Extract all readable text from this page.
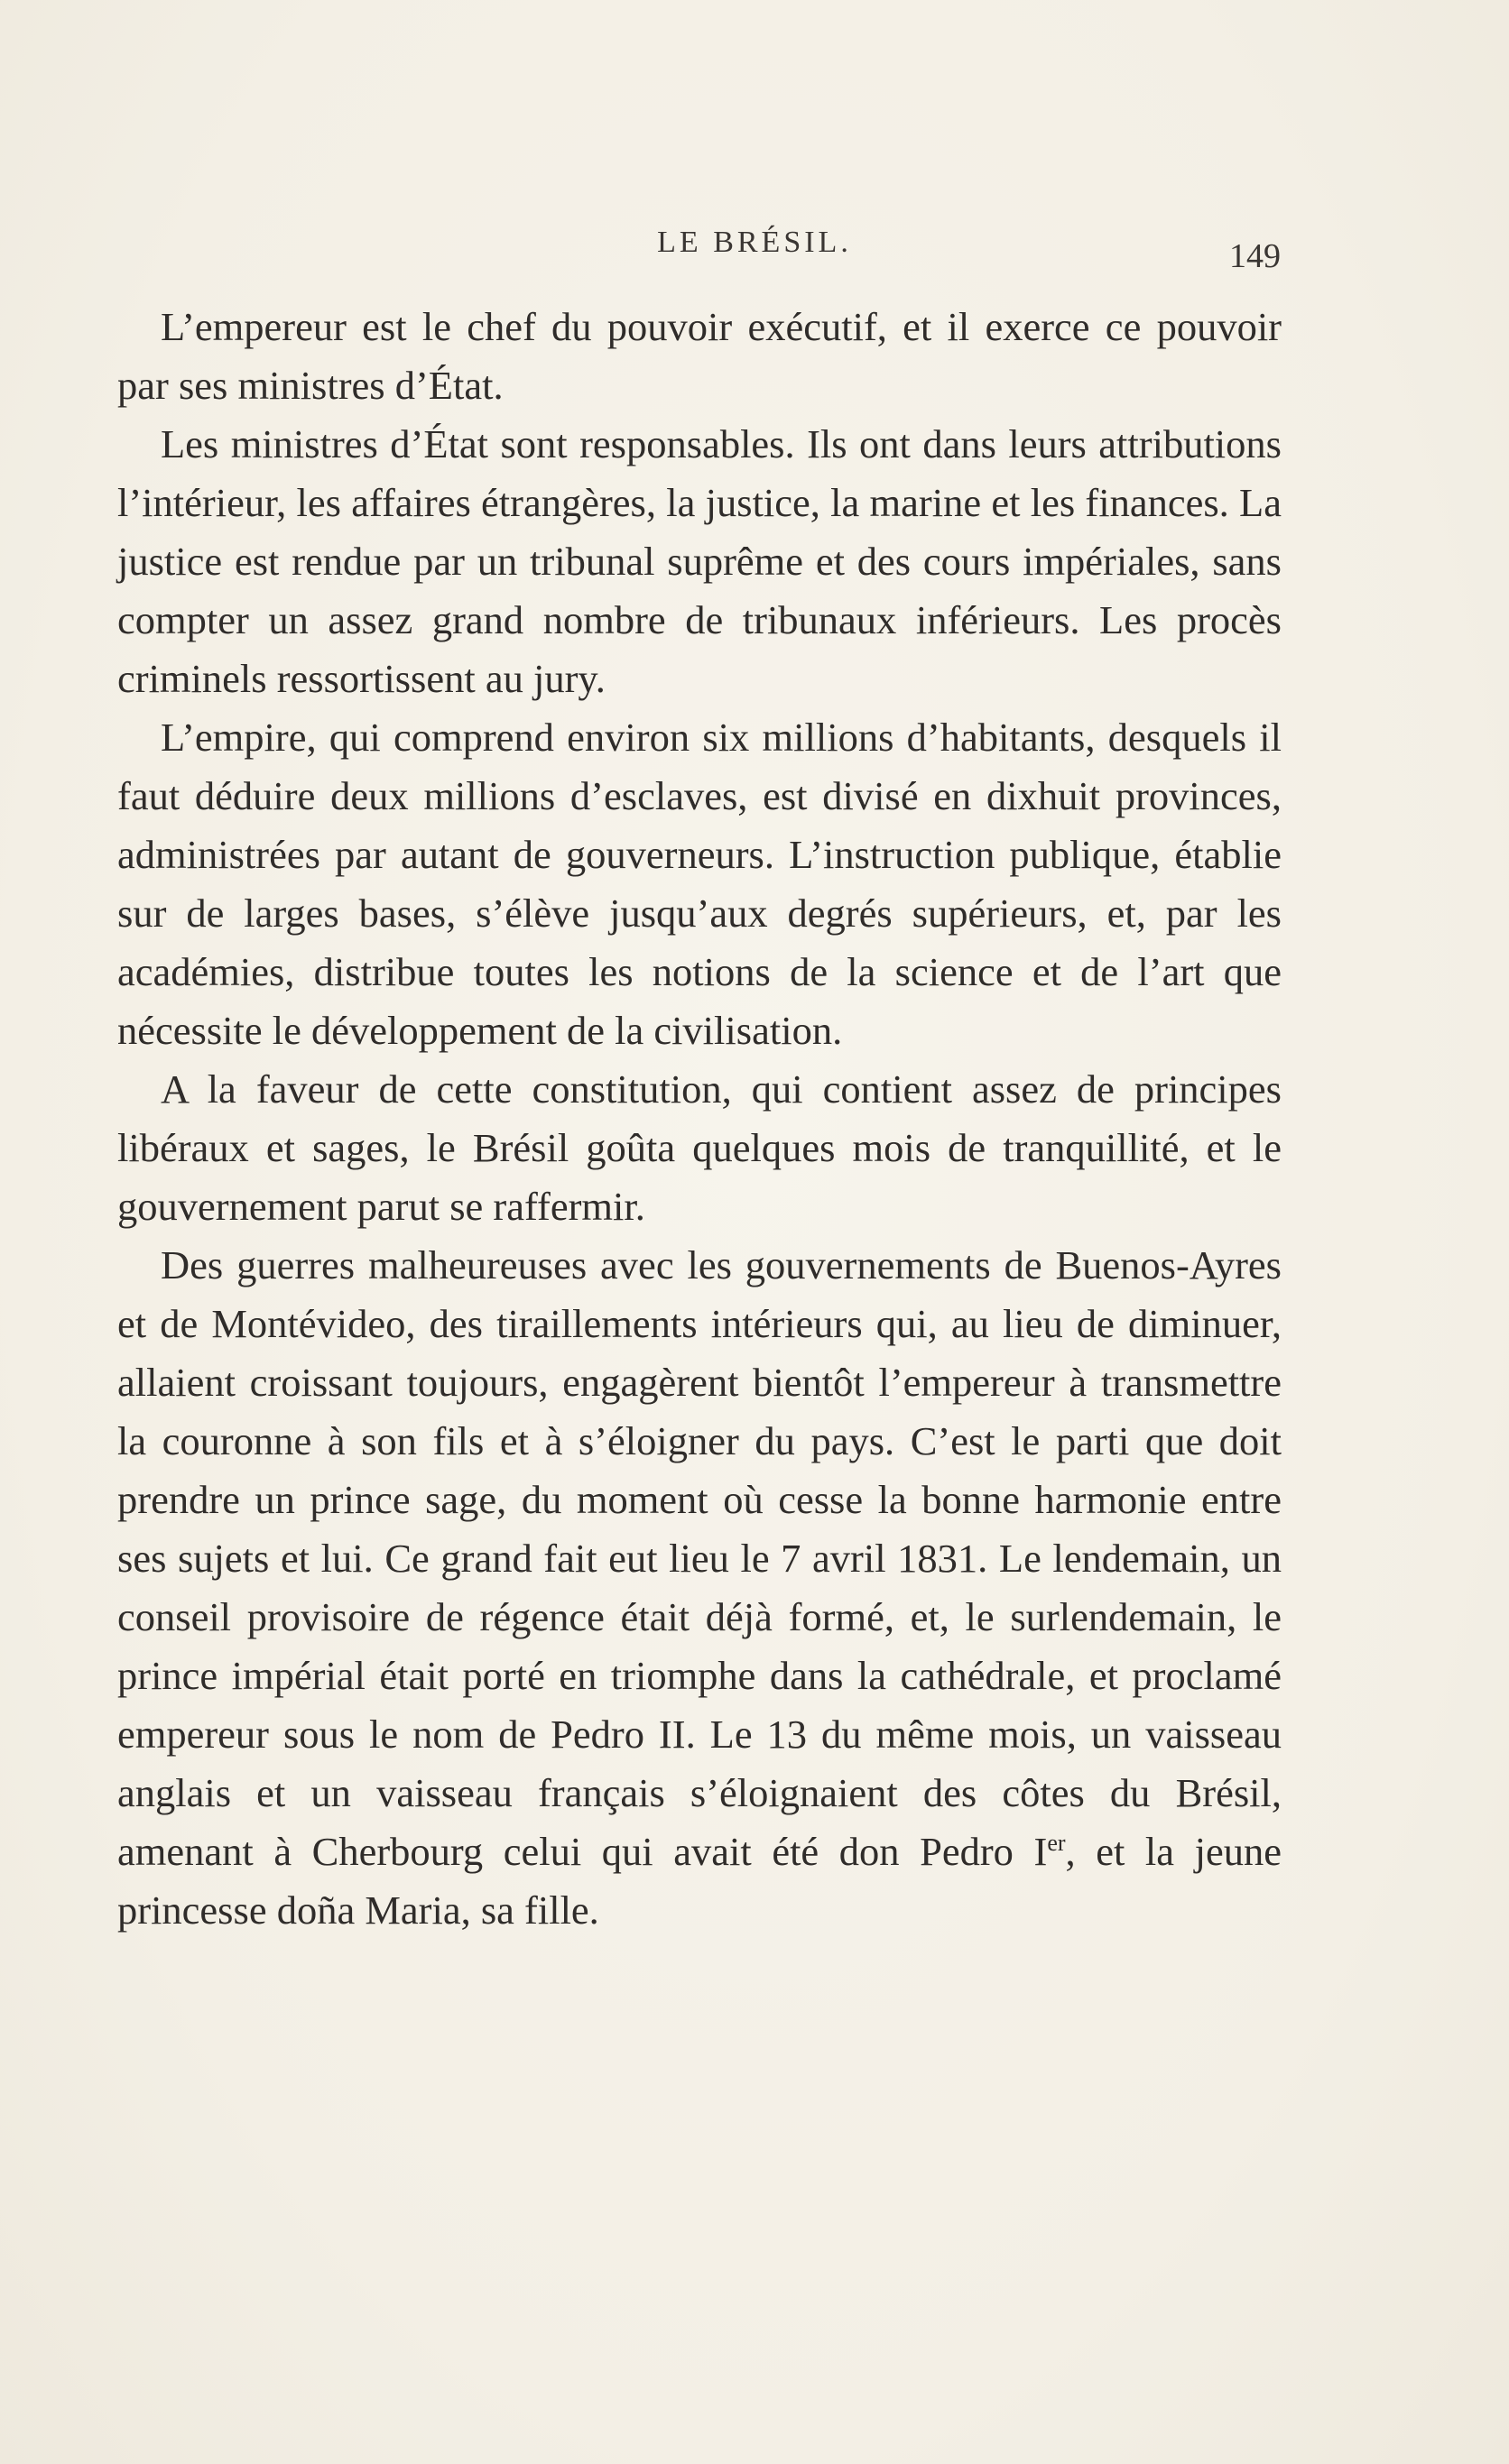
LE BRÉSIL.	149

L’empereur est le chef du pouvoir exécutif, et il exerce ce pouvoir par ses ministres d’État.

Les ministres d’État sont responsables. Ils ont dans leurs attributions l’intérieur, les affaires étrangères, la justice, la marine et les finances. La justice est rendue par un tribunal suprême et des cours impériales, sans compter un assez grand nombre de tribunaux inférieurs. Les procès criminels ressortissent au jury.

L’empire, qui comprend environ six millions d’habitants, desquels il faut déduire deux millions d’esclaves, est divisé en dixhuit provinces, administrées par autant de gouverneurs. L’instruction publique, établie sur de larges bases, s’élève jusqu’aux degrés supérieurs, et, par les académies, distribue toutes les notions de la science et de l’art que nécessite le développement de la civilisation.

A la faveur de cette constitution, qui contient assez de principes libéraux et sages, le Brésil goûta quelques mois de tranquillité, et le gouvernement parut se raffermir.

Des guerres malheureuses avec les gouvernements de Buenos-Ayres et de Montévideo, des tiraillements intérieurs qui, au lieu de diminuer, allaient croissant toujours, engagèrent bientôt l’empereur à transmettre la couronne à son fils et à s’éloigner du pays. C’est le parti que doit prendre un prince sage, du moment où cesse la bonne harmonie entre ses sujets et lui. Ce grand fait eut lieu le 7 avril 1831. Le lendemain, un conseil provisoire de régence était déjà formé, et, le surlendemain, le prince impérial était porté en triomphe dans la cathédrale, et proclamé empereur sous le nom de Pedro II. Le 13 du même mois, un vaisseau anglais et un vaisseau français s’éloignaient des côtes du Brésil, amenant à Cherbourg celui qui avait été don Pedro Ier, et la jeune princesse doña Maria, sa fille.
